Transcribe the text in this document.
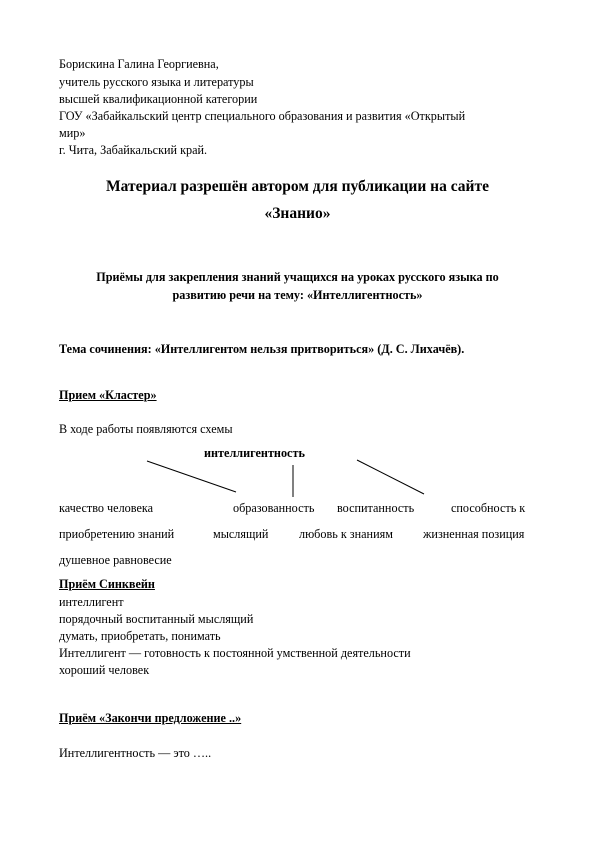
Борискина Галина Георгиевна,
учитель русского языка и литературы
высшей квалификационной категории
ГОУ «Забайкальский центр специального образования и развития «Открытый
мир»
г. Чита, Забайкальский край.
Материал разрешён автором для публикации на сайте
«Знанио»
Приёмы для закрепления знаний учащихся на уроках русского языка по
развитию речи на тему: «Интеллигентность»
Тема сочинения: «Интеллигентом нельзя притвориться» (Д. С. Лихачёв).
Прием «Кластер»
В ходе работы появляются схемы
интеллигентность
качество человека	образованность воспитанность	способность к
приобретению знаний	мыслящий	любовь к знаниям жизненная позиция
душевное равновесие
Приём Синквейн
интеллигент
порядочный воспитанный мыслящий
думать, приобретать, понимать
Интеллигент — готовность к постоянной умственной деятельности
хороший человек
Приём «Закончи предложение ..»
Интеллигентность — это …..
